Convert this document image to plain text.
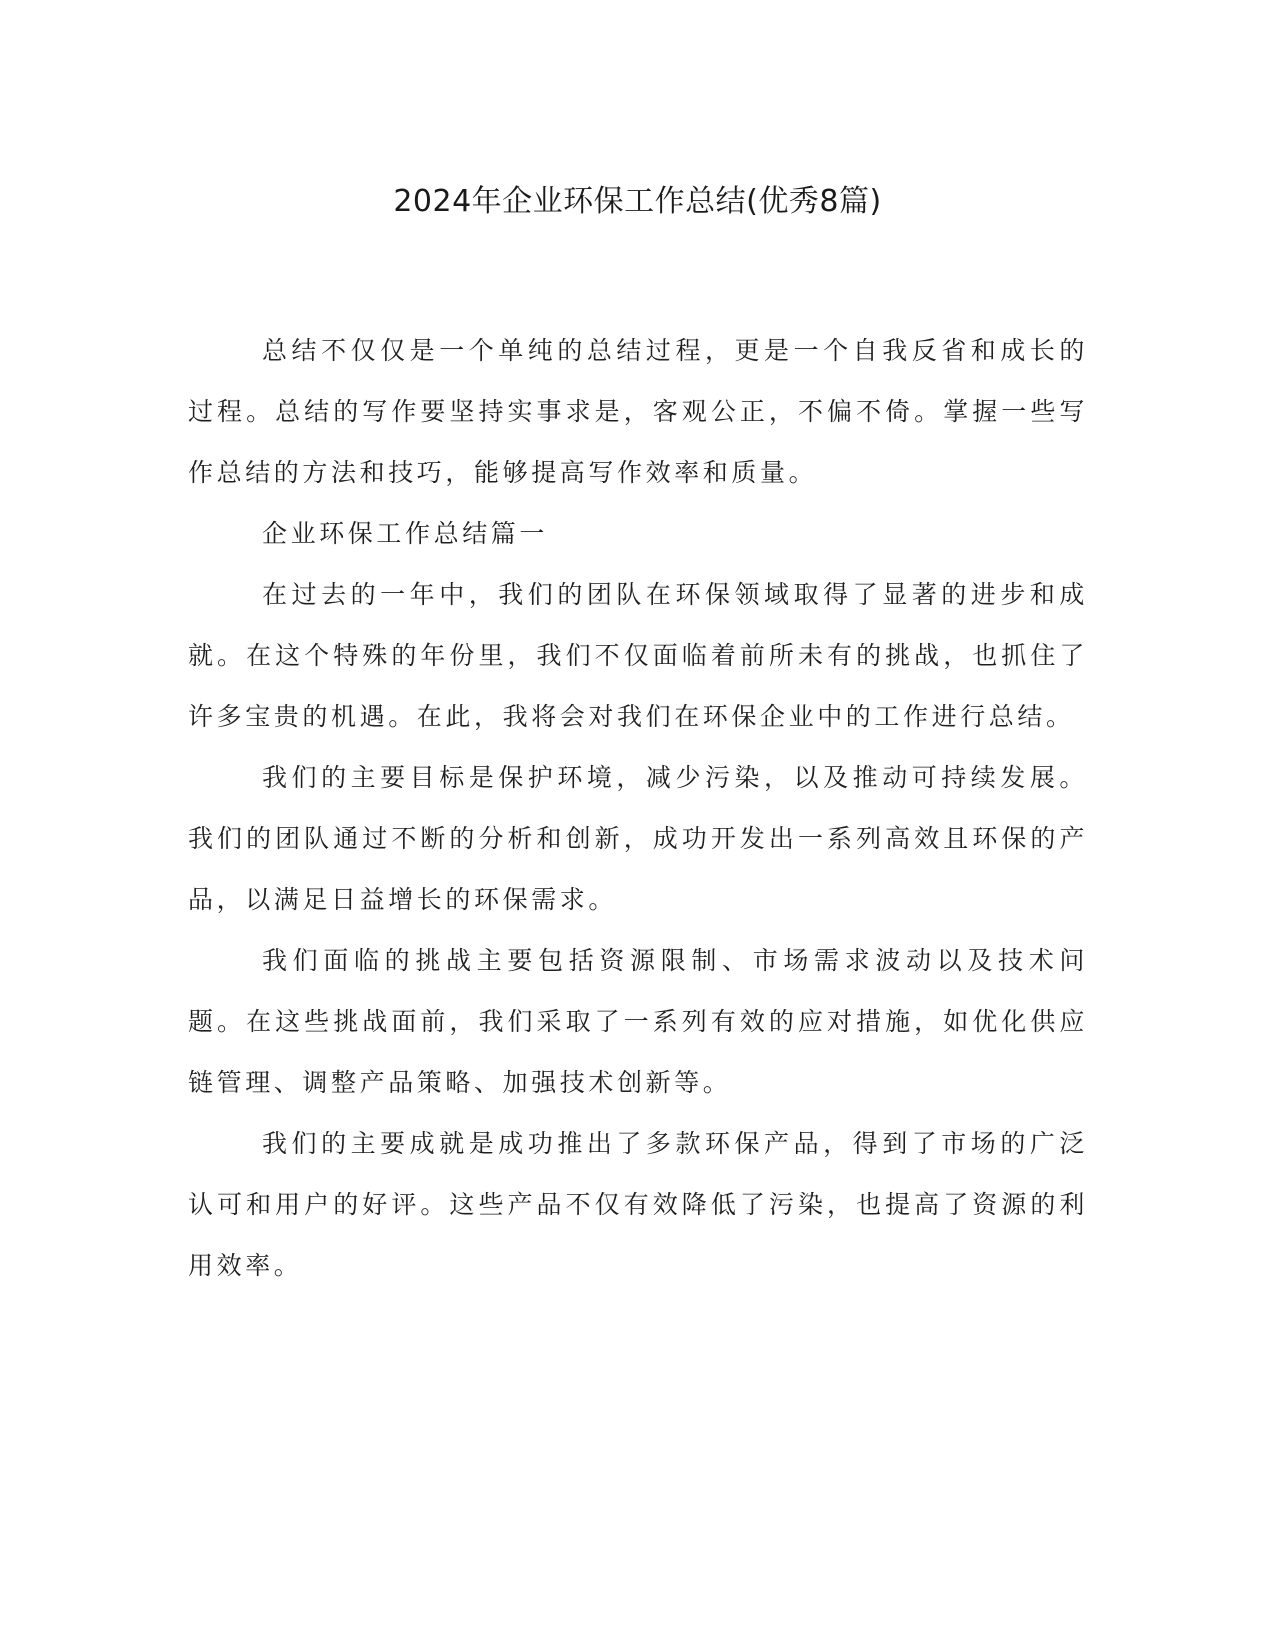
2024年企业环保工作总结(优秀8篇)

总结不仅仅是一个单纯的总结过程，更是一个自我反省和成长的过程。总结的写作要坚持实事求是，客观公正，不偏不倚。掌握一些写作总结的方法和技巧，能够提高写作效率和质量。

企业环保工作总结篇一

在过去的一年中，我们的团队在环保领域取得了显著的进步和成就。在这个特殊的年份里，我们不仅面临着前所未有的挑战，也抓住了许多宝贵的机遇。在此，我将会对我们在环保企业中的工作进行总结。

我们的主要目标是保护环境，减少污染，以及推动可持续发展。我们的团队通过不断的分析和创新，成功开发出一系列高效且环保的产品，以满足日益增长的环保需求。

我们面临的挑战主要包括资源限制、市场需求波动以及技术问题。在这些挑战面前，我们采取了一系列有效的应对措施，如优化供应链管理、调整产品策略、加强技术创新等。

我们的主要成就是成功推出了多款环保产品，得到了市场的广泛认可和用户的好评。这些产品不仅有效降低了污染，也提高了资源的利用效率。
